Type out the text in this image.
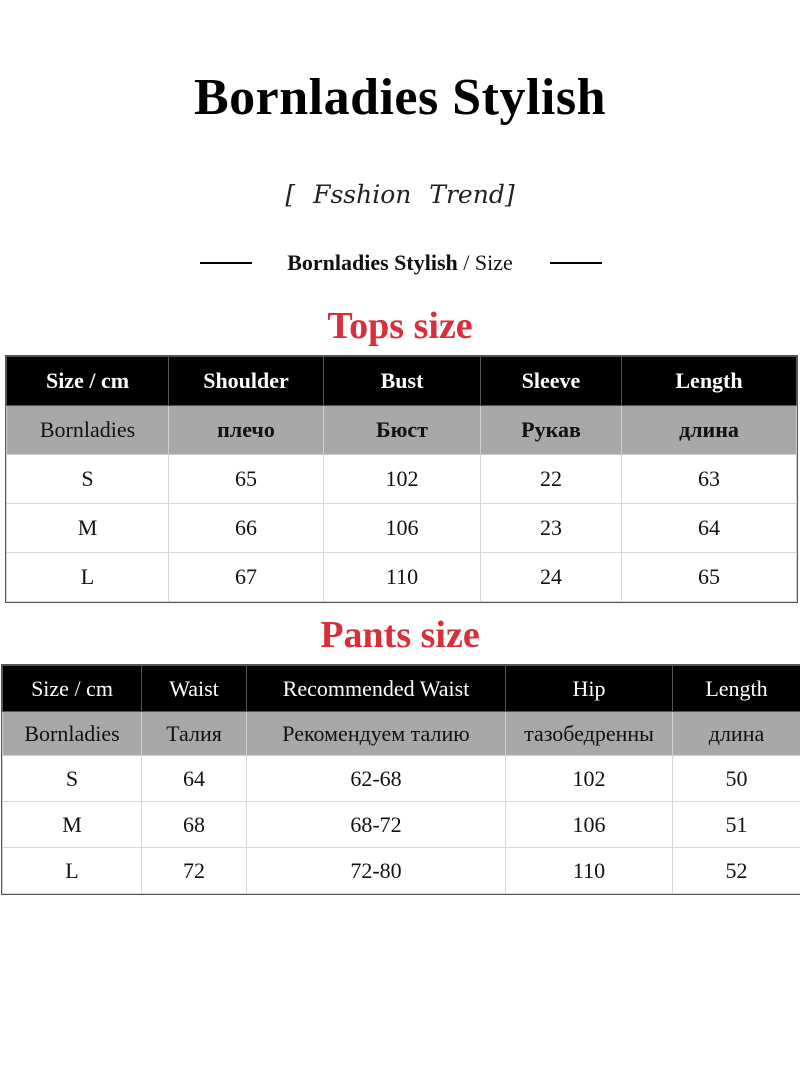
Bornladies Stylish
[ Fsshion Trend]
Bornladies Stylish / Size
Tops size
Size / cm	Shoulder	Bust	Sleeve	Length
Bornladies	плечо	Бюст	Рукав	длина
S	65	102	22	63
M	66	106	23	64
L	67	110	24	65
Pants size
Size / cm	Waist	Recommended Waist	Hip	Length
Bornladies	Талия	Рекомендуем талию	тазобедренны	длина
S	64	62-68	102	50
M	68	68-72	106	51
L	72	72-80	110	52
